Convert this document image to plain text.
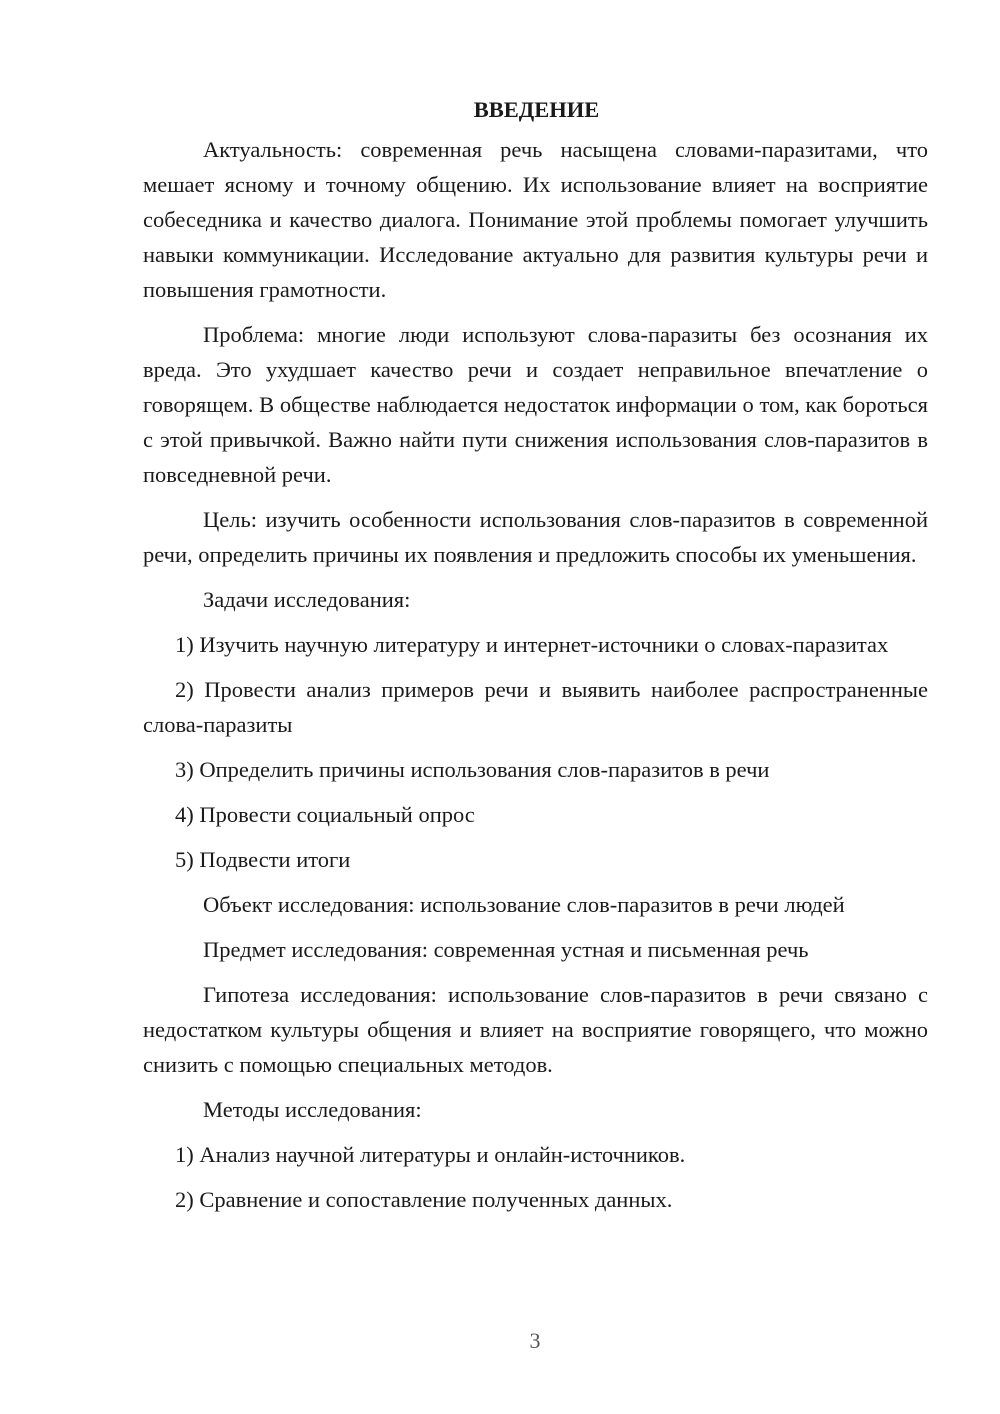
ВВЕДЕНИЕ
Актуальность: современная речь насыщена словами-паразитами, что мешает ясному и точному общению. Их использование влияет на восприятие собеседника и качество диалога. Понимание этой проблемы помогает улучшить навыки коммуникации. Исследование актуально для развития культуры речи и повышения грамотности.
Проблема: многие люди используют слова-паразиты без осознания их вреда. Это ухудшает качество речи и создает неправильное впечатление о говорящем. В обществе наблюдается недостаток информации о том, как бороться с этой привычкой. Важно найти пути снижения использования слов-паразитов в повседневной речи.
Цель: изучить особенности использования слов-паразитов в современной речи, определить причины их появления и предложить способы их уменьшения.
Задачи исследования:
1) Изучить научную литературу и интернет-источники о словах-паразитах
2) Провести анализ примеров речи и выявить наиболее распространенные слова-паразиты
3) Определить причины использования слов-паразитов в речи
4) Провести социальный опрос
5) Подвести итоги
Объект исследования: использование слов-паразитов в речи людей
Предмет исследования: современная устная и письменная речь
Гипотеза исследования: использование слов-паразитов в речи связано с недостатком культуры общения и влияет на восприятие говорящего, что можно снизить с помощью специальных методов.
Методы исследования:
1) Анализ научной литературы и онлайн-источников.
2) Сравнение и сопоставление полученных данных.
3
